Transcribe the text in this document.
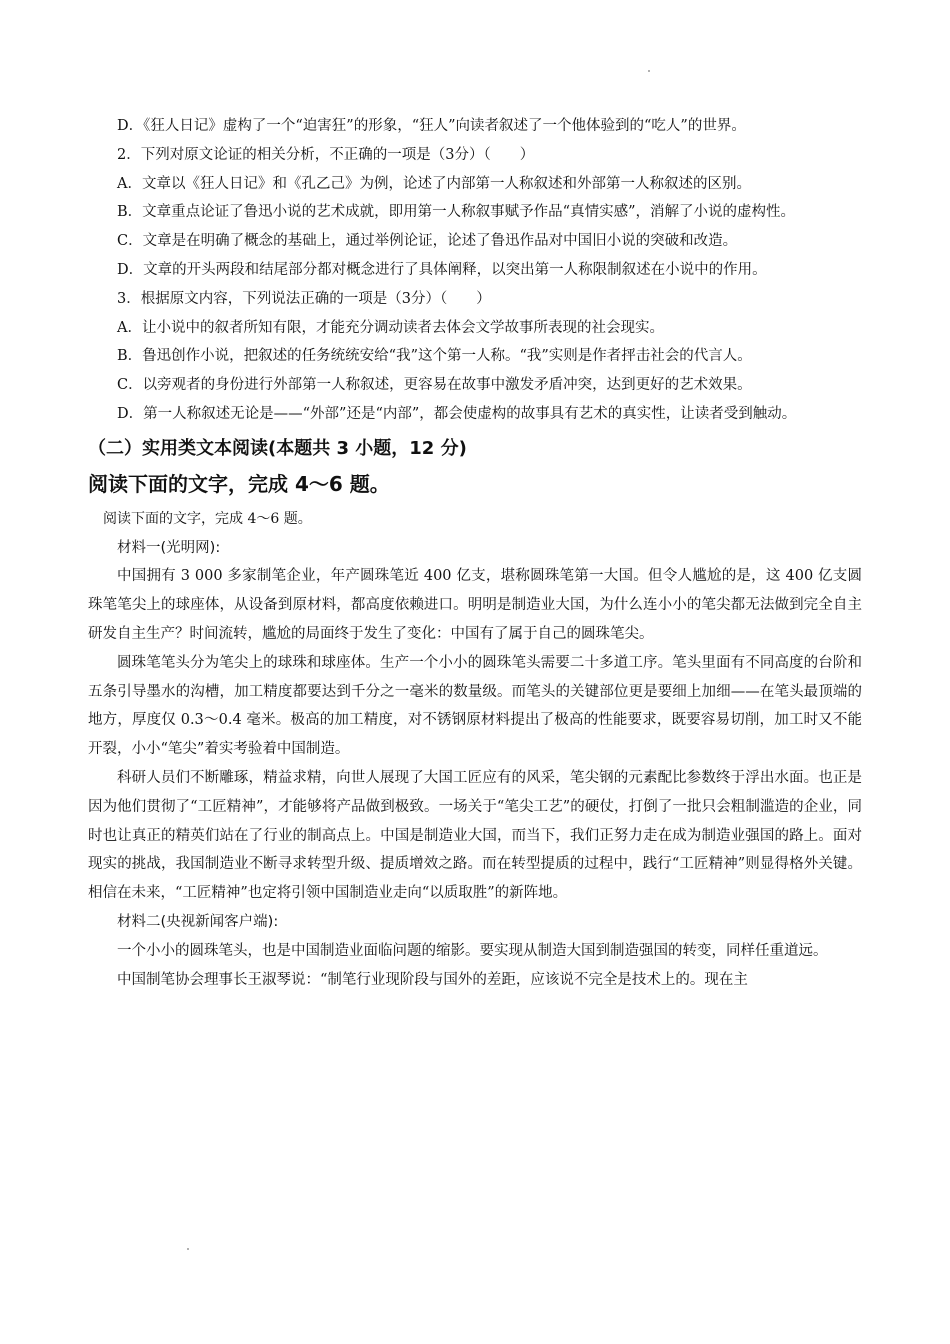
D．《狂人日记》虚构了一个“迫害狂”的形象，“狂人”向读者叙述了一个他体验到的“吃人”的世界。

2．下列对原文论证的相关分析，不正确的一项是（3分）（　　）

A．文章以《狂人日记》和《孔乙己》为例，论述了内部第一人称叙述和外部第一人称叙述的区别。

B．文章重点论证了鲁迅小说的艺术成就，即用第一人称叙事赋予作品“真情实感”，消解了小说的虚构性。

C．文章是在明确了概念的基础上，通过举例论证，论述了鲁迅作品对中国旧小说的突破和改造。

D．文章的开头两段和结尾部分都对概念进行了具体阐释，以突出第一人称限制叙述在小说中的作用。

3．根据原文内容，下列说法正确的一项是（3分）（　　）

A．让小说中的叙者所知有限，才能充分调动读者去体会文学故事所表现的社会现实。

B．鲁迅创作小说，把叙述的任务统统安给“我”这个第一人称。“我”实则是作者抨击社会的代言人。

C．以旁观者的身份进行外部第一人称叙述，更容易在故事中激发矛盾冲突，达到更好的艺术效果。

D．第一人称叙述无论是——“外部”还是“内部”，都会使虚构的故事具有艺术的真实性，让读者受到触动。

（二）实用类文本阅读(本题共 3 小题，12 分)
阅读下面的文字，完成 4～6 题。

阅读下面的文字，完成 4～6 题。

材料一(光明网):

中国拥有 3 000 多家制笔企业，年产圆珠笔近 400 亿支，堪称圆珠笔第一大国。但令人尴尬的是，这 400 亿支圆珠笔笔尖上的球座体，从设备到原材料，都高度依赖进口。明明是制造业大国，为什么连小小的笔尖都无法做到完全自主研发自主生产？时间流转，尴尬的局面终于发生了变化：中国有了属于自己的圆珠笔尖。

圆珠笔笔头分为笔尖上的球珠和球座体。生产一个小小的圆珠笔头需要二十多道工序。笔头里面有不同高度的台阶和五条引导墨水的沟槽，加工精度都要达到千分之一毫米的数量级。而笔头的关键部位更是要细上加细——在笔头最顶端的地方，厚度仅 0.3～0.4 毫米。极高的加工精度，对不锈钢原材料提出了极高的性能要求，既要容易切削，加工时又不能开裂，小小“笔尖”着实考验着中国制造。

科研人员们不断雕琢，精益求精，向世人展现了大国工匠应有的风采，笔尖钢的元素配比参数终于浮出水面。也正是因为他们贯彻了“工匠精神”，才能够将产品做到极致。一场关于“笔尖工艺”的硬仗，打倒了一批只会粗制滥造的企业，同时也让真正的精英们站在了行业的制高点上。中国是制造业大国，而当下，我们正努力走在成为制造业强国的路上。面对现实的挑战，我国制造业不断寻求转型升级、提质增效之路。而在转型提质的过程中，践行“工匠精神”则显得格外关键。相信在未来，“工匠精神”也定将引领中国制造业走向“以质取胜”的新阵地。

材料二(央视新闻客户端):

一个小小的圆珠笔头，也是中国制造业面临问题的缩影。要实现从制造大国到制造强国的转变，同样任重道远。

中国制笔协会理事长王淑琴说：“制笔行业现阶段与国外的差距，应该说不完全是技术上的。现在主
